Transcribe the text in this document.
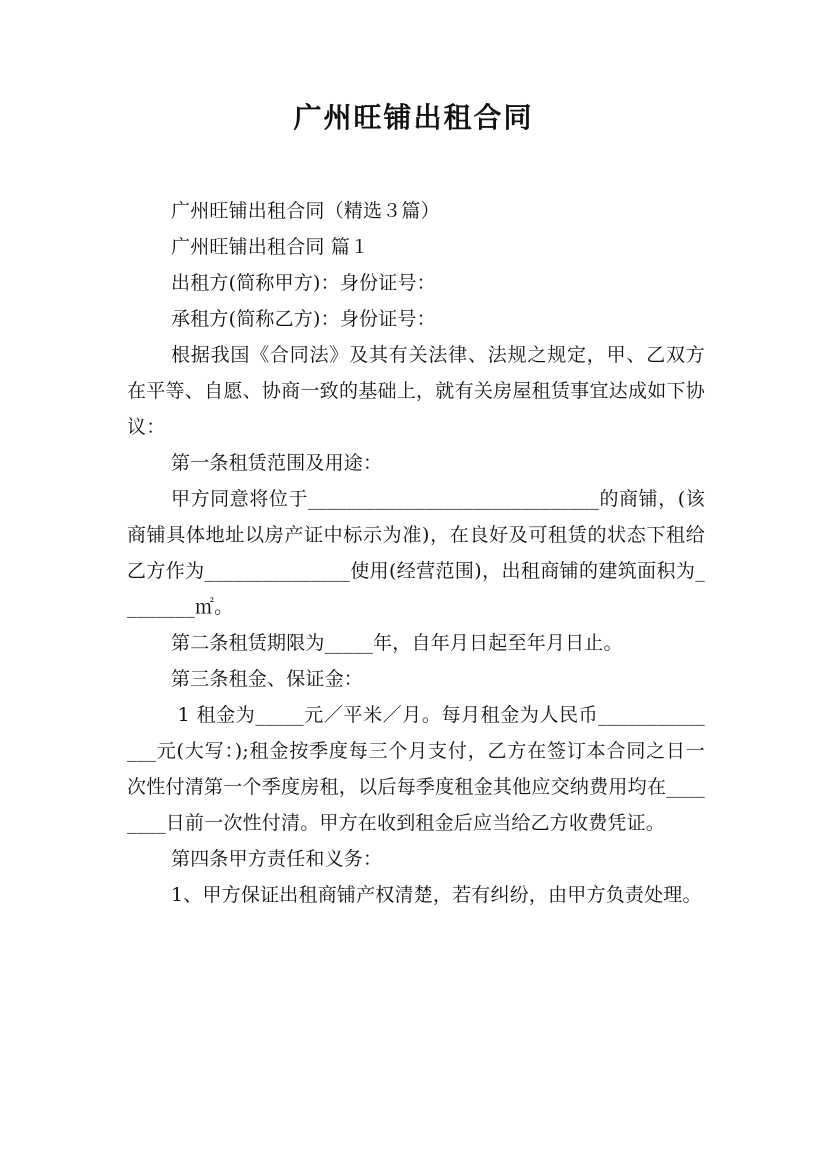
广州旺铺出租合同

广州旺铺出租合同（精选３篇）

广州旺铺出租合同 篇１

出租方(简称甲方)：身份证号：

承租方(简称乙方)：身份证号：

根据我国《合同法》及其有关法律、法规之规定，甲、乙双方在平等、自愿、协商一致的基础上，就有关房屋租赁事宜达成如下协议：

第一条租赁范围及用途：

甲方同意将位于______________________________的商铺，(该商铺具体地址以房产证中标示为准)，在良好及可租赁的状态下租给乙方作为_______________使用(经营范围)，出租商铺的建筑面积为________㎡。

第二条租赁期限为_____年，自年月日起至年月日止。

第三条租金、保证金：

1 租金为_____元／平米／月。每月租金为人民币______________元(大写：);租金按季度每三个月支付，乙方在签订本合同之日一次性付清第一个季度房租，以后每季度租金其他应交纳费用均在________日前一次性付清。甲方在收到租金后应当给乙方收费凭证。

第四条甲方责任和义务：

1、甲方保证出租商铺产权清楚，若有纠纷，由甲方负责处理。
